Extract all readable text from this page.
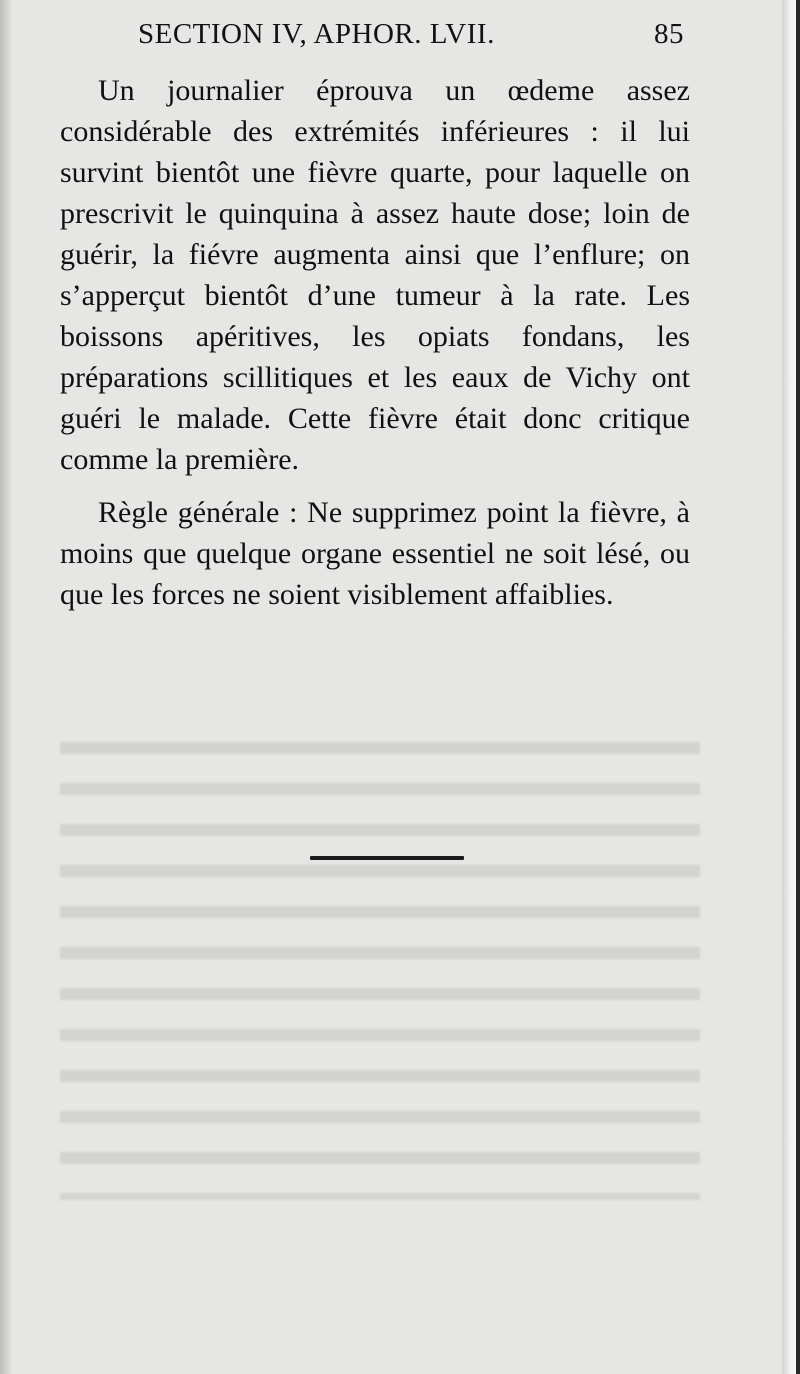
SECTION IV, APHOR. LVII.	85

Un journalier éprouva un œdeme assez considérable des extrémités inférieures : il lui survint bientôt une fièvre quarte, pour laquelle on prescrivit le quinquina à assez haute dose; loin de guérir, la fiévre augmenta ainsi que l’enflure; on s’apperçut bientôt d’une tumeur à la rate. Les boissons apéritives, les opiats fondans, les préparations scillitiques et les eaux de Vichy ont guéri le malade. Cette fièvre était donc critique comme la première.

Règle générale : Ne supprimez point la fièvre, à moins que quelque organe essentiel ne soit lésé, ou que les forces ne soient visiblement affaiblies.
